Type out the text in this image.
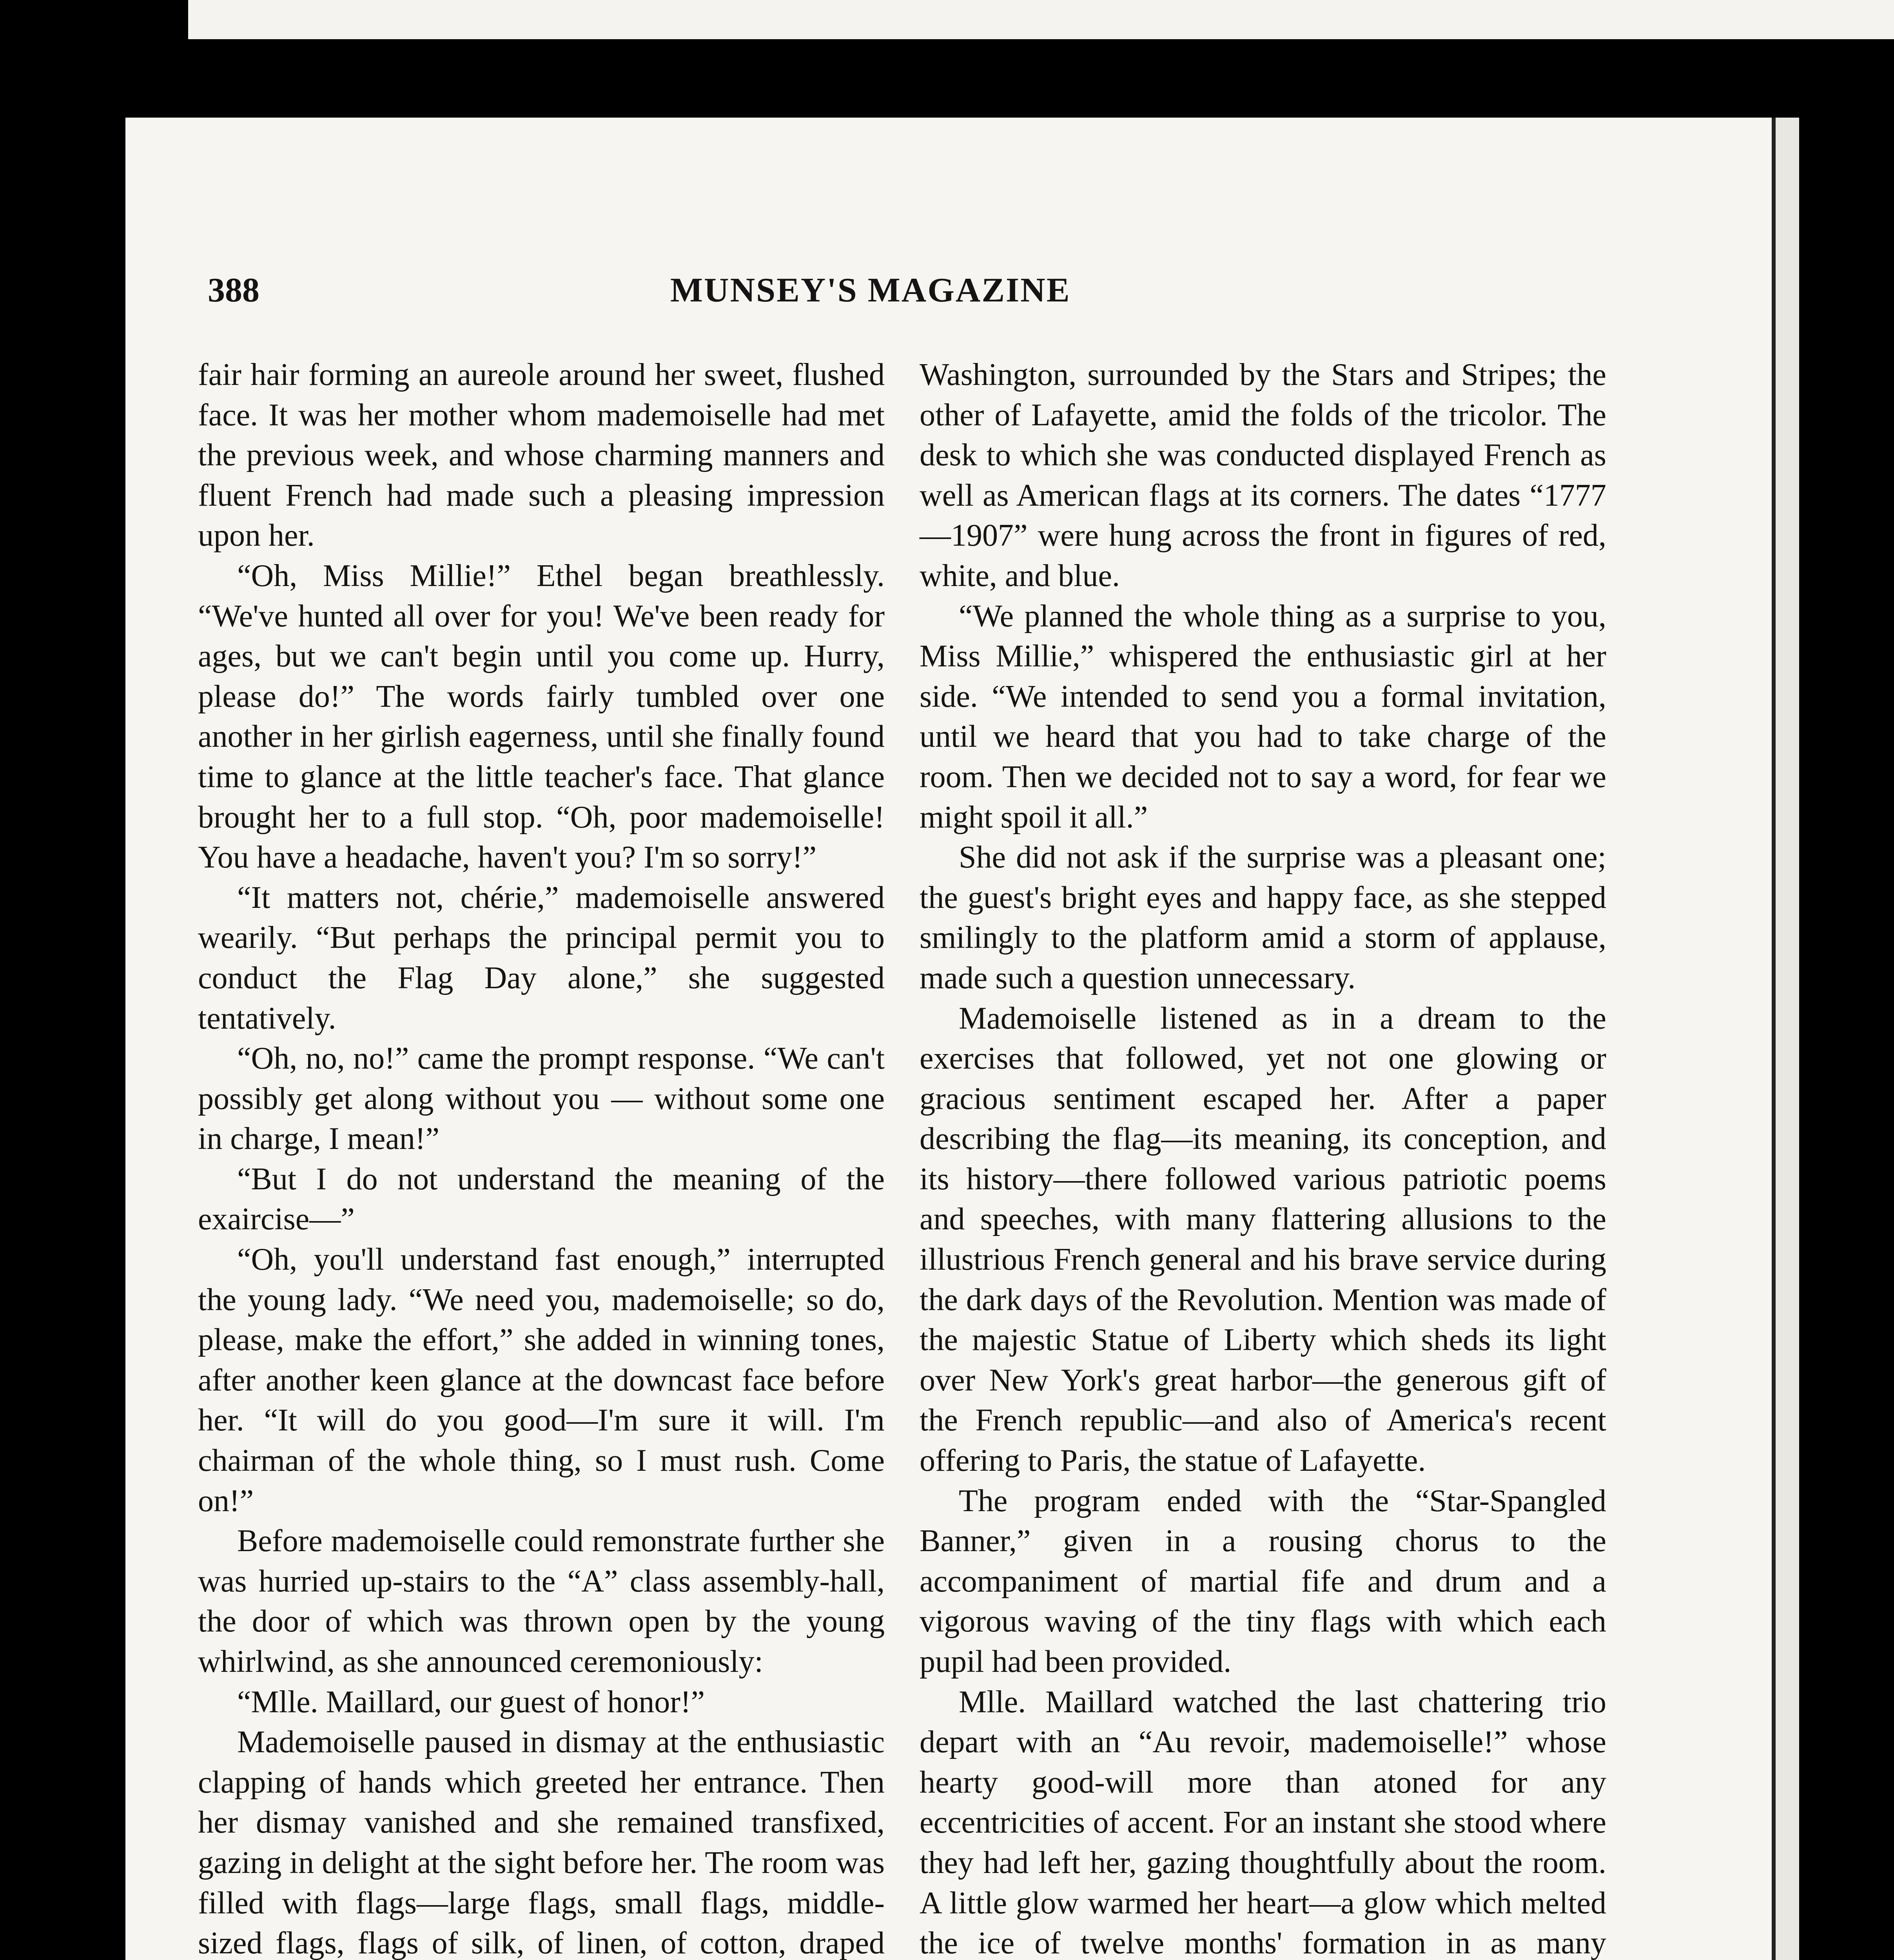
388	MUNSEY'S MAGAZINE

fair hair forming an aureole around her sweet, flushed face. It was her mother whom mademoiselle had met the previous week, and whose charming manners and fluent French had made such a pleasing impression upon her.

“Oh, Miss Millie!” Ethel began breathlessly. “We've hunted all over for you! We've been ready for ages, but we can't begin until you come up. Hurry, please do!” The words fairly tumbled over one another in her girlish eagerness, until she finally found time to glance at the little teacher's face. That glance brought her to a full stop. “Oh, poor mademoiselle! You have a headache, haven't you? I'm so sorry!”

“It matters not, chérie,” mademoiselle answered wearily. “But perhaps the principal permit you to conduct the Flag Day alone,” she suggested tentatively.

“Oh, no, no!” came the prompt response. “We can't possibly get along without you — without some one in charge, I mean!”

“But I do not understand the meaning of the exaircise—”

“Oh, you'll understand fast enough,” interrupted the young lady. “We need you, mademoiselle; so do, please, make the effort,” she added in winning tones, after another keen glance at the downcast face before her. “It will do you good—I'm sure it will. I'm chairman of the whole thing, so I must rush. Come on!”

Before mademoiselle could remonstrate further she was hurried up-stairs to the “A” class assembly-hall, the door of which was thrown open by the young whirlwind, as she announced ceremoniously:

“Mlle. Maillard, our guest of honor!”

Mademoiselle paused in dismay at the enthusiastic clapping of hands which greeted her entrance. Then her dismay vanished and she remained transfixed, gazing in delight at the sight before her. The room was filled with flags—large flags, small flags, middle-sized flags, flags of silk, of linen, of cotton, draped

Washington, surrounded by the Stars and Stripes; the other of Lafayette, amid the folds of the tricolor. The desk to which she was conducted displayed French as well as American flags at its corners. The dates “1777—1907” were hung across the front in figures of red, white, and blue.

“We planned the whole thing as a surprise to you, Miss Millie,” whispered the enthusiastic girl at her side. “We intended to send you a formal invitation, until we heard that you had to take charge of the room. Then we decided not to say a word, for fear we might spoil it all.”

She did not ask if the surprise was a pleasant one; the guest's bright eyes and happy face, as she stepped smilingly to the platform amid a storm of applause, made such a question unnecessary.

Mademoiselle listened as in a dream to the exercises that followed, yet not one glowing or gracious sentiment escaped her. After a paper describing the flag—its meaning, its conception, and its history—there followed various patriotic poems and speeches, with many flattering allusions to the illustrious French general and his brave service during the dark days of the Revolution. Mention was made of the majestic Statue of Liberty which sheds its light over New York's great harbor—the generous gift of the French republic—and also of America's recent offering to Paris, the statue of Lafayette.

The program ended with the “Star-Spangled Banner,” given in a rousing chorus to the accompaniment of martial fife and drum and a vigorous waving of the tiny flags with which each pupil had been provided.

Mlle. Maillard watched the last chattering trio depart with an “Au revoir, mademoiselle!” whose hearty good-will more than atoned for any eccentricities of accent. For an instant she stood where they had left her, gazing thoughtfully about the room. A little glow warmed her heart—a glow which melted the ice of twelve months' formation in as many
